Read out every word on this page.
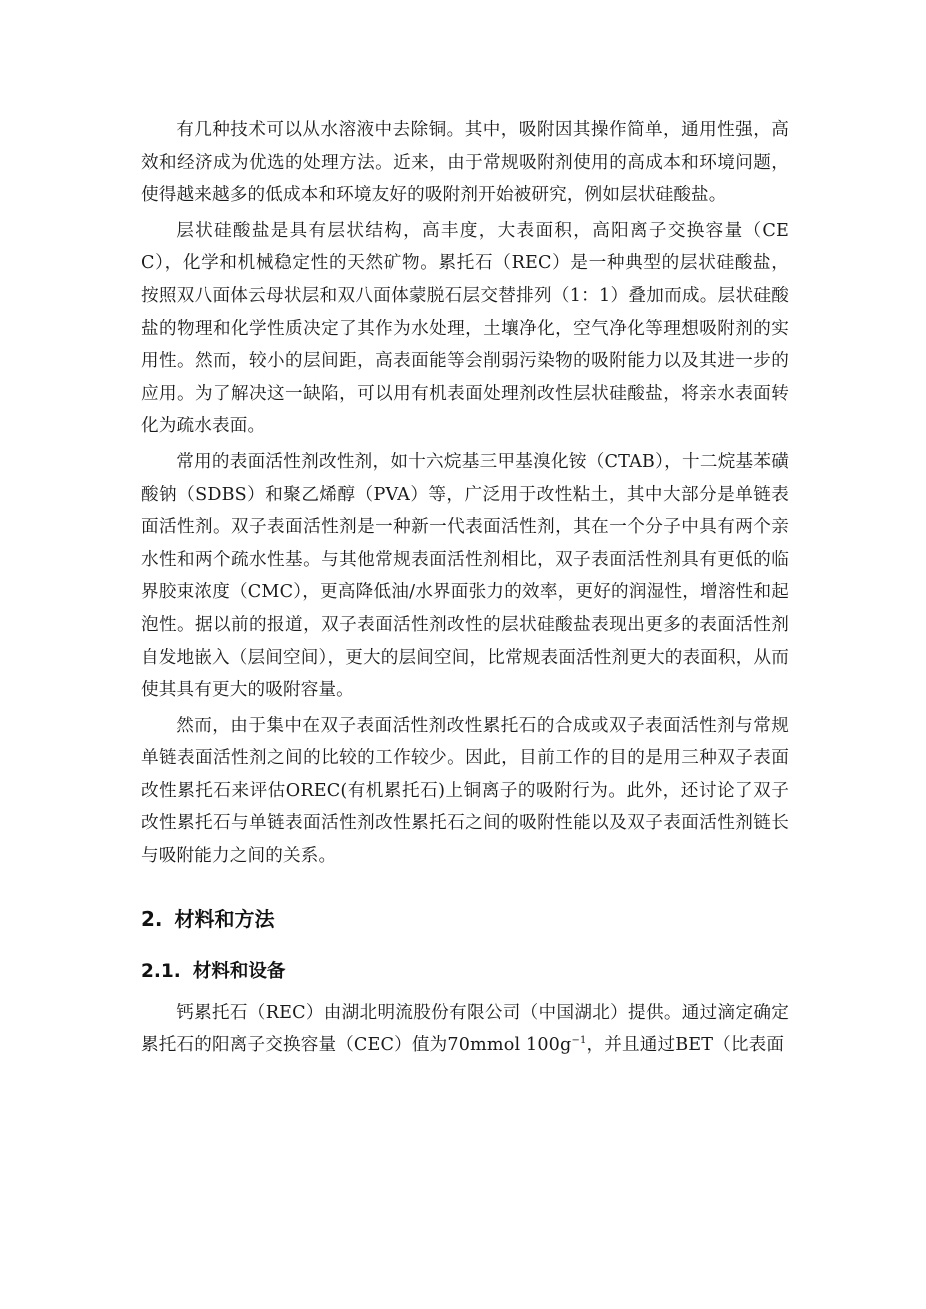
有几种技术可以从水溶液中去除铜。其中，吸附因其操作简单，通用性强，高效和经济成为优选的处理方法。近来，由于常规吸附剂使用的高成本和环境问题，使得越来越多的低成本和环境友好的吸附剂开始被研究，例如层状硅酸盐。

层状硅酸盐是具有层状结构，高丰度，大表面积，高阳离子交换容量（CEC），化学和机械稳定性的天然矿物。累托石（REC）是一种典型的层状硅酸盐，按照双八面体云母状层和双八面体蒙脱石层交替排列（1：1）叠加而成。层状硅酸盐的物理和化学性质决定了其作为水处理，土壤净化，空气净化等理想吸附剂的实用性。然而，较小的层间距，高表面能等会削弱污染物的吸附能力以及其进一步的应用。为了解决这一缺陷，可以用有机表面处理剂改性层状硅酸盐，将亲水表面转化为疏水表面。

常用的表面活性剂改性剂，如十六烷基三甲基溴化铵（CTAB），十二烷基苯磺酸钠（SDBS）和聚乙烯醇（PVA）等，广泛用于改性粘土，其中大部分是单链表面活性剂。双子表面活性剂是一种新一代表面活性剂，其在一个分子中具有两个亲水性和两个疏水性基。与其他常规表面活性剂相比，双子表面活性剂具有更低的临界胶束浓度（CMC），更高降低油/水界面张力的效率，更好的润湿性，增溶性和起泡性。据以前的报道，双子表面活性剂改性的层状硅酸盐表现出更多的表面活性剂自发地嵌入（层间空间），更大的层间空间，比常规表面活性剂更大的表面积，从而使其具有更大的吸附容量。

然而，由于集中在双子表面活性剂改性累托石的合成或双子表面活性剂与常规单链表面活性剂之间的比较的工作较少。因此，目前工作的目的是用三种双子表面改性累托石来评估OREC(有机累托石)上铜离子的吸附行为。此外，还讨论了双子改性累托石与单链表面活性剂改性累托石之间的吸附性能以及双子表面活性剂链长与吸附能力之间的关系。

2. 材料和方法
2.1. 材料和设备

钙累托石（REC）由湖北明流股份有限公司（中国湖北）提供。通过滴定确定累托石的阳离子交换容量（CEC）值为70mmol $100g^{-1}$，并且通过BET（比表面
